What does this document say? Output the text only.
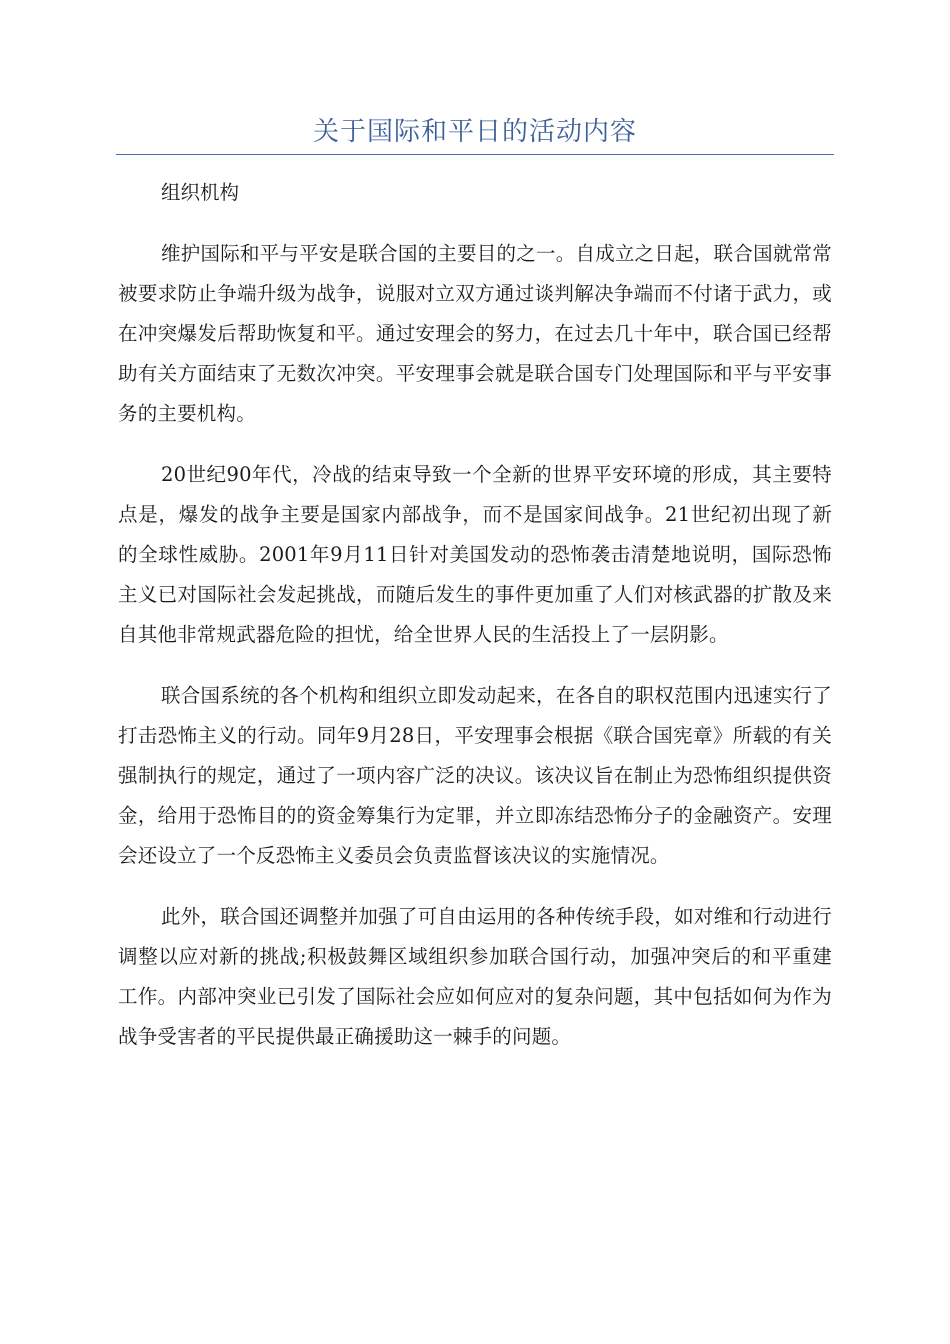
关于国际和平日的活动内容

组织机构

维护国际和平与平安是联合国的主要目的之一。自成立之日起，联合国就常常被要求防止争端升级为战争，说服对立双方通过谈判解决争端而不付诸于武力，或在冲突爆发后帮助恢复和平。通过安理会的努力，在过去几十年中，联合国已经帮助有关方面结束了无数次冲突。平安理事会就是联合国专门处理国际和平与平安事务的主要机构。

20世纪90年代，冷战的结束导致一个全新的世界平安环境的形成，其主要特点是，爆发的战争主要是国家内部战争，而不是国家间战争。21世纪初出现了新的全球性威胁。2001年9月11日针对美国发动的恐怖袭击清楚地说明，国际恐怖主义已对国际社会发起挑战，而随后发生的事件更加重了人们对核武器的扩散及来自其他非常规武器危险的担忧，给全世界人民的生活投上了一层阴影。

联合国系统的各个机构和组织立即发动起来，在各自的职权范围内迅速实行了打击恐怖主义的行动。同年9月28日，平安理事会根据《联合国宪章》所载的有关强制执行的规定，通过了一项内容广泛的决议。该决议旨在制止为恐怖组织提供资金，给用于恐怖目的的资金筹集行为定罪，并立即冻结恐怖分子的金融资产。安理会还设立了一个反恐怖主义委员会负责监督该决议的实施情况。

此外，联合国还调整并加强了可自由运用的各种传统手段，如对维和行动进行调整以应对新的挑战;积极鼓舞区域组织参加联合国行动，加强冲突后的和平重建工作。内部冲突业已引发了国际社会应如何应对的复杂问题，其中包括如何为作为战争受害者的平民提供最正确援助这一棘手的问题。
